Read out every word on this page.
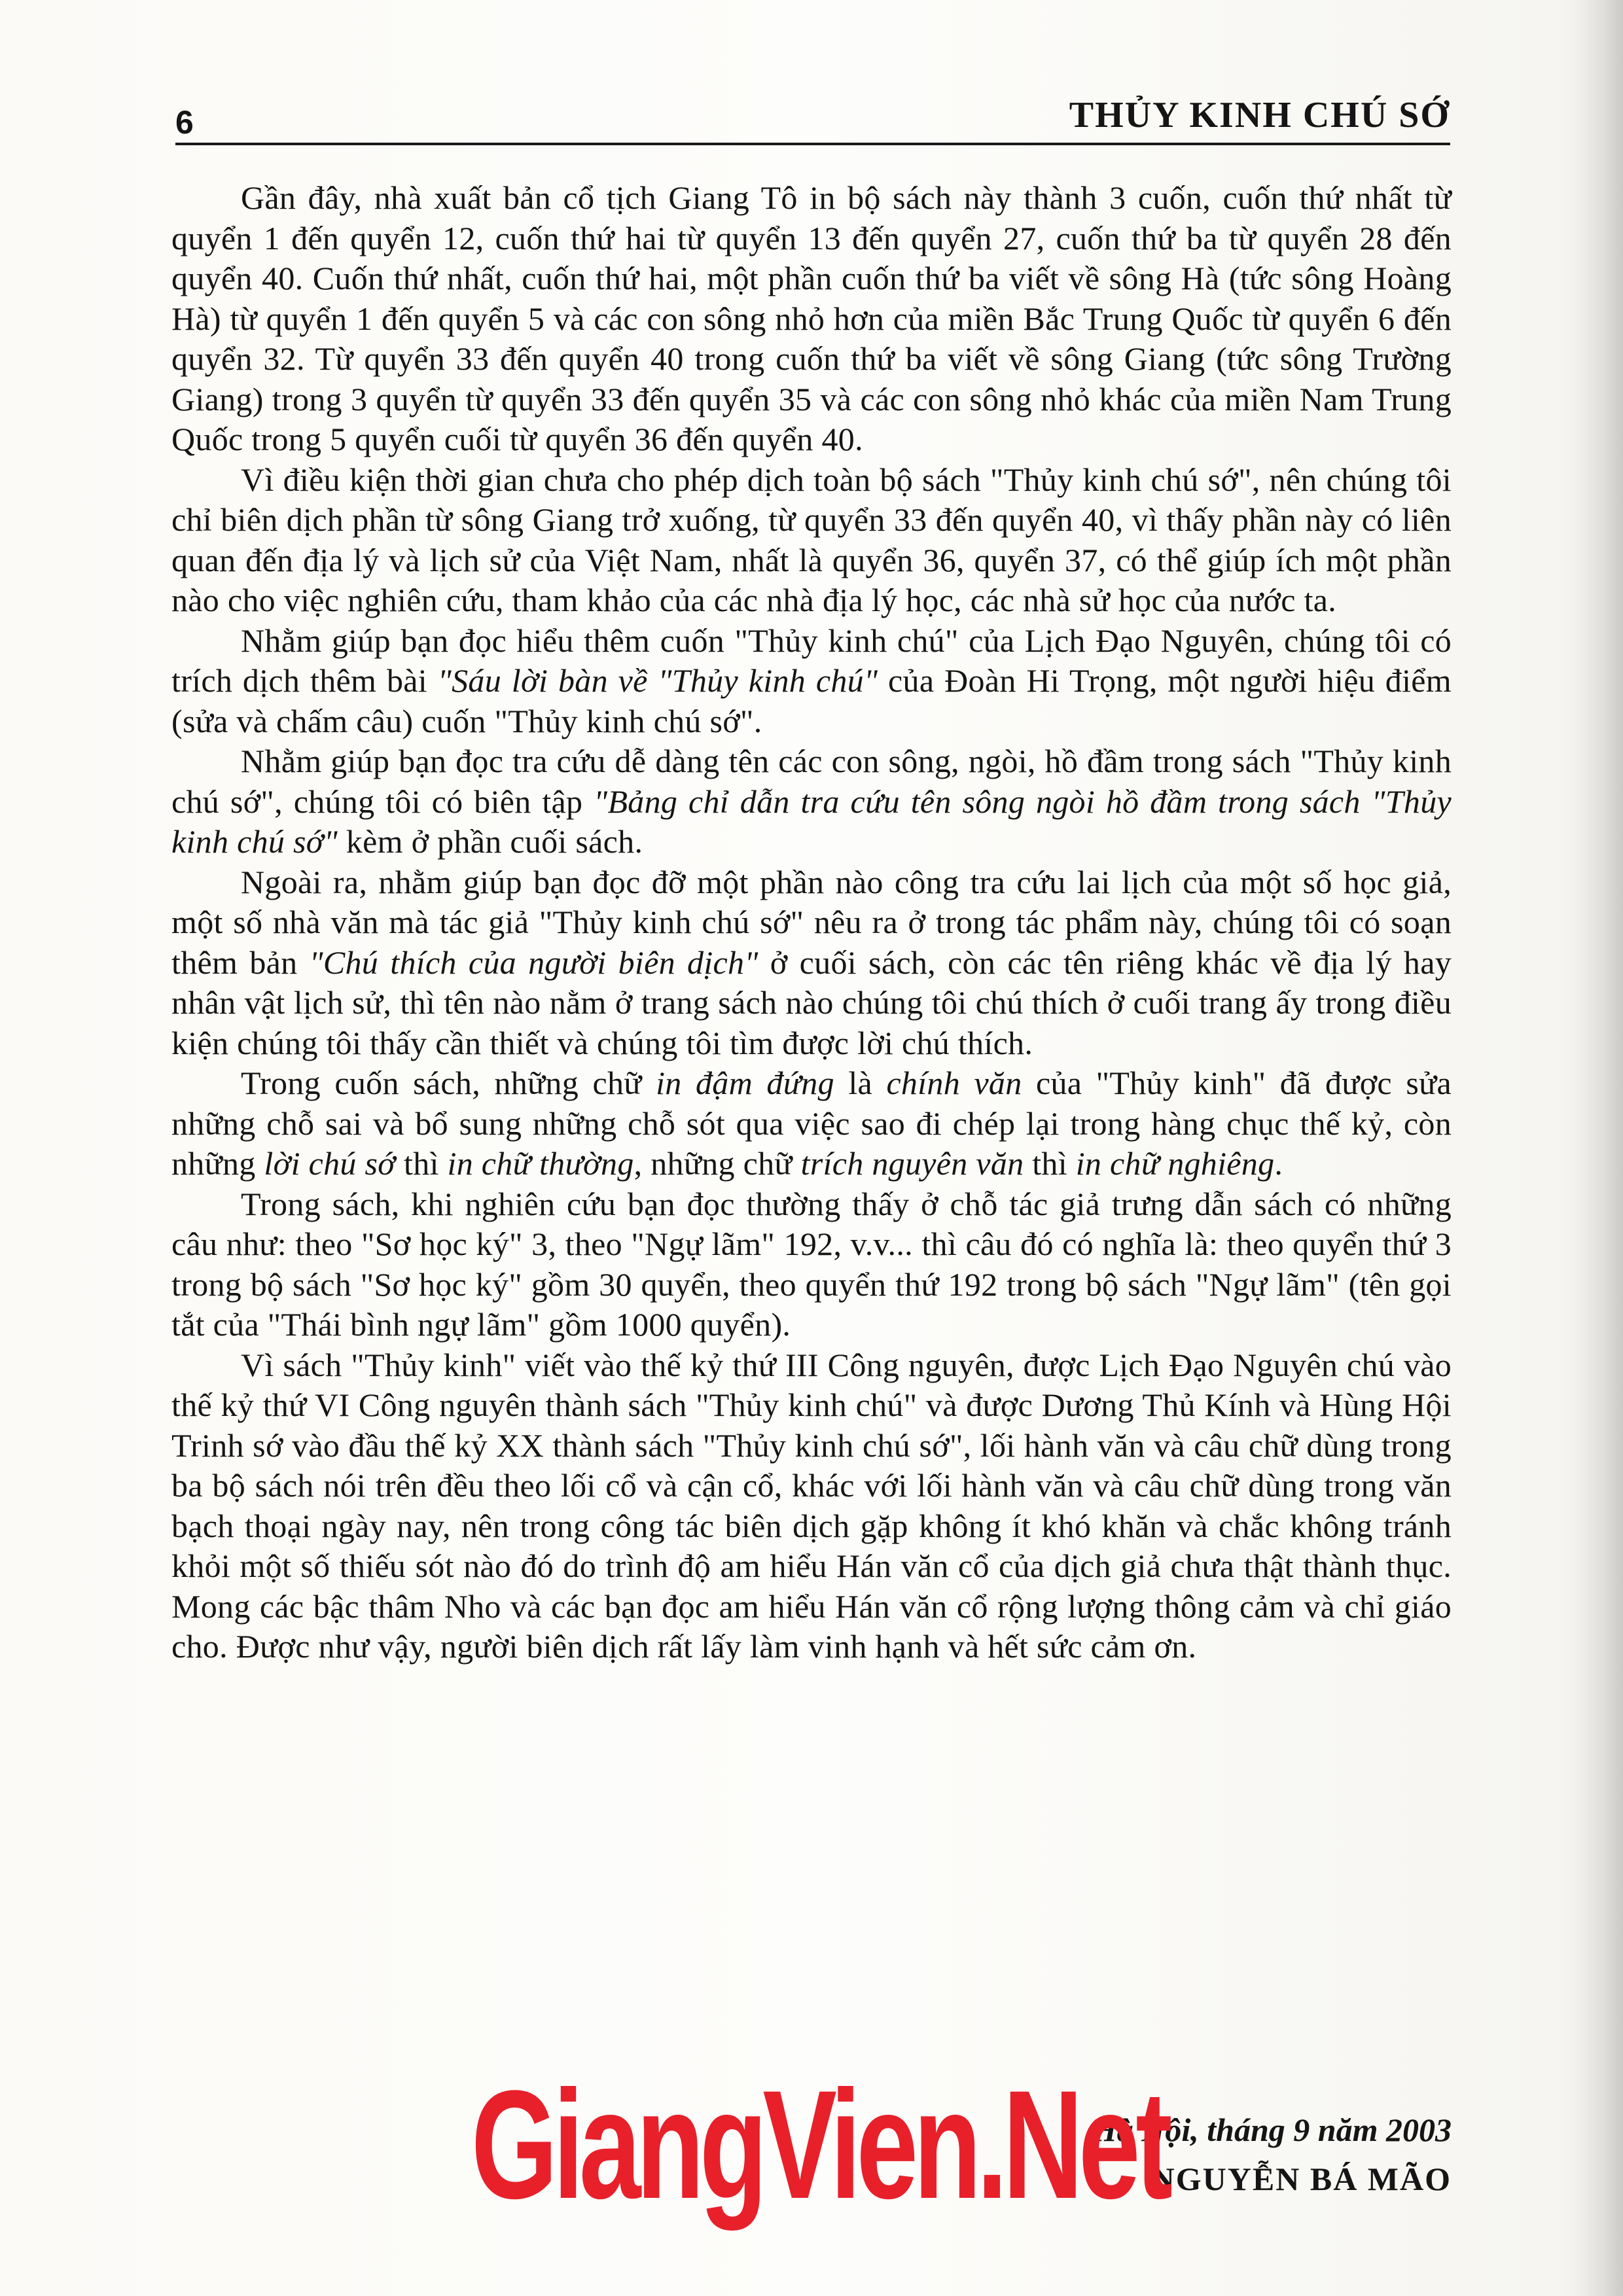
6	THỦY KINH CHÚ SỚ

Gần đây, nhà xuất bản cổ tịch Giang Tô in bộ sách này thành 3 cuốn, cuốn thứ nhất từ quyển 1 đến quyển 12, cuốn thứ hai từ quyển 13 đến quyển 27, cuốn thứ ba từ quyển 28 đến quyển 40. Cuốn thứ nhất, cuốn thứ hai, một phần cuốn thứ ba viết về sông Hà (tức sông Hoàng Hà) từ quyển 1 đến quyển 5 và các con sông nhỏ hơn của miền Bắc Trung Quốc từ quyển 6 đến quyển 32. Từ quyển 33 đến quyển 40 trong cuốn thứ ba viết về sông Giang (tức sông Trường Giang) trong 3 quyển từ quyển 33 đến quyển 35 và các con sông nhỏ khác của miền Nam Trung Quốc trong 5 quyển cuối từ quyển 36 đến quyển 40.

Vì điều kiện thời gian chưa cho phép dịch toàn bộ sách "Thủy kinh chú sớ", nên chúng tôi chỉ biên dịch phần từ sông Giang trở xuống, từ quyển 33 đến quyển 40, vì thấy phần này có liên quan đến địa lý và lịch sử của Việt Nam, nhất là quyển 36, quyển 37, có thể giúp ích một phần nào cho việc nghiên cứu, tham khảo của các nhà địa lý học, các nhà sử học của nước ta.

Nhằm giúp bạn đọc hiểu thêm cuốn "Thủy kinh chú" của Lịch Đạo Nguyên, chúng tôi có trích dịch thêm bài "Sáu lời bàn về "Thủy kinh chú" của Đoàn Hi Trọng, một người hiệu điểm (sửa và chấm câu) cuốn "Thủy kinh chú sớ".

Nhằm giúp bạn đọc tra cứu dễ dàng tên các con sông, ngòi, hồ đầm trong sách "Thủy kinh chú sớ", chúng tôi có biên tập "Bảng chỉ dẫn tra cứu tên sông ngòi hồ đầm trong sách "Thủy kinh chú sớ" kèm ở phần cuối sách.

Ngoài ra, nhằm giúp bạn đọc đỡ một phần nào công tra cứu lai lịch của một số học giả, một số nhà văn mà tác giả "Thủy kinh chú sớ" nêu ra ở trong tác phẩm này, chúng tôi có soạn thêm bản "Chú thích của người biên dịch" ở cuối sách, còn các tên riêng khác về địa lý hay nhân vật lịch sử, thì tên nào nằm ở trang sách nào chúng tôi chú thích ở cuối trang ấy trong điều kiện chúng tôi thấy cần thiết và chúng tôi tìm được lời chú thích.

Trong cuốn sách, những chữ in đậm đứng là chính văn của "Thủy kinh" đã được sửa những chỗ sai và bổ sung những chỗ sót qua việc sao đi chép lại trong hàng chục thế kỷ, còn những lời chú sớ thì in chữ thường, những chữ trích nguyên văn thì in chữ nghiêng.

Trong sách, khi nghiên cứu bạn đọc thường thấy ở chỗ tác giả trưng dẫn sách có những câu như: theo "Sơ học ký" 3, theo "Ngự lãm" 192, v.v... thì câu đó có nghĩa là: theo quyển thứ 3 trong bộ sách "Sơ học ký" gồm 30 quyển, theo quyển thứ 192 trong bộ sách "Ngự lãm" (tên gọi tắt của "Thái bình ngự lãm" gồm 1000 quyển).

Vì sách "Thủy kinh" viết vào thế kỷ thứ III Công nguyên, được Lịch Đạo Nguyên chú vào thế kỷ thứ VI Công nguyên thành sách "Thủy kinh chú" và được Dương Thủ Kính và Hùng Hội Trinh sớ vào đầu thế kỷ XX thành sách "Thủy kinh chú sớ", lối hành văn và câu chữ dùng trong ba bộ sách nói trên đều theo lối cổ và cận cổ, khác với lối hành văn và câu chữ dùng trong văn bạch thoại ngày nay, nên trong công tác biên dịch gặp không ít khó khăn và chắc không tránh khỏi một số thiếu sót nào đó do trình độ am hiểu Hán văn cổ của dịch giả chưa thật thành thục. Mong các bậc thâm Nho và các bạn đọc am hiểu Hán văn cổ rộng lượng thông cảm và chỉ giáo cho. Được như vậy, người biên dịch rất lấy làm vinh hạnh và hết sức cảm ơn.

Hà Nội, tháng 9 năm 2003
NGUYỄN BÁ MÃO
GiangVien.Net
